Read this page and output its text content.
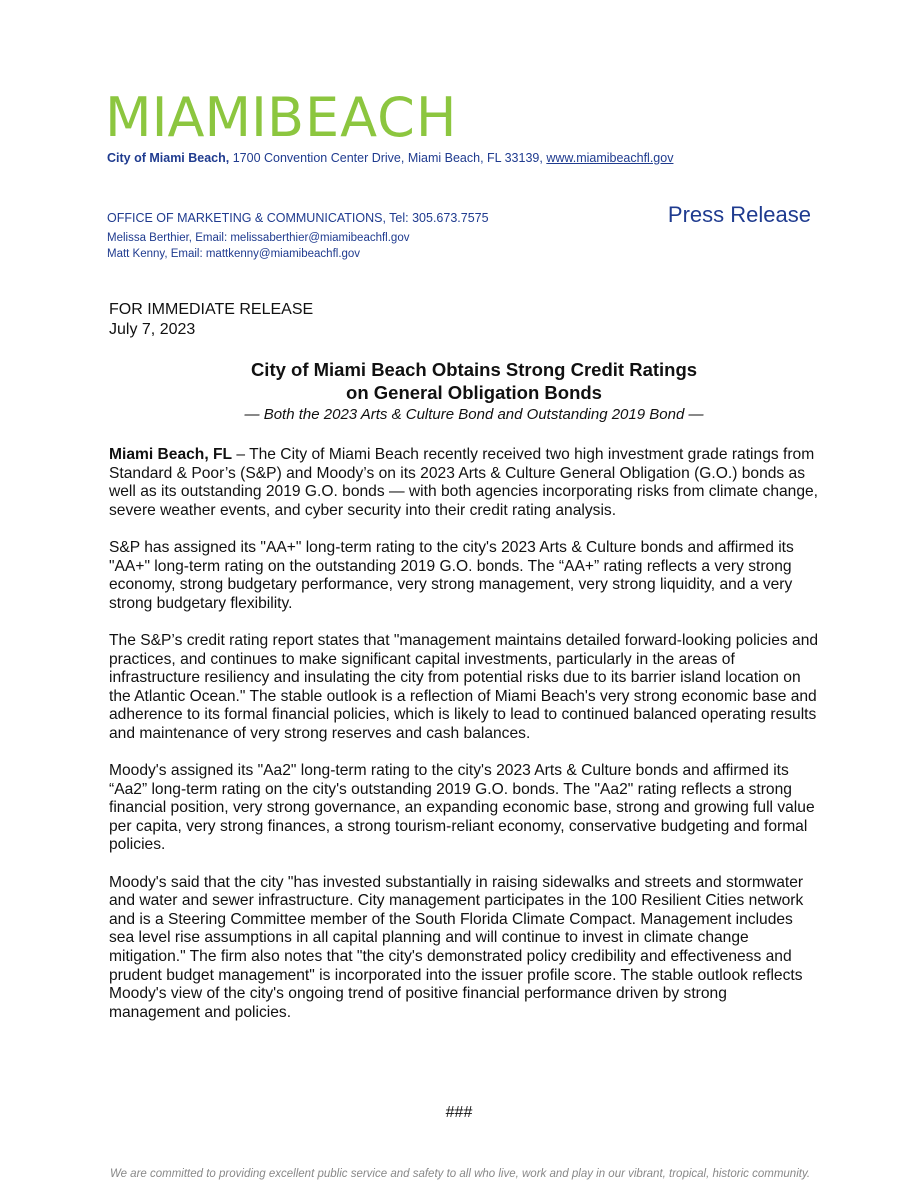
MIAMIBEACH
City of Miami Beach, 1700 Convention Center Drive, Miami Beach, FL 33139, www.miamibeachfl.gov
OFFICE OF MARKETING & COMMUNICATIONS, Tel: 305.673.7575
Melissa Berthier, Email: melissaberthier@miamibeachfl.gov
Matt Kenny, Email: mattkenny@miamibeachfl.gov
Press Release
FOR IMMEDIATE RELEASE
July 7, 2023
City of Miami Beach Obtains Strong Credit Ratings
on General Obligation Bonds
— Both the 2023 Arts & Culture Bond and Outstanding 2019 Bond —

Miami Beach, FL – The City of Miami Beach recently received two high investment grade ratings from Standard & Poor’s (S&P) and Moody’s on its 2023 Arts & Culture General Obligation (G.O.) bonds as well as its outstanding 2019 G.O. bonds — with both agencies incorporating risks from climate change, severe weather events, and cyber security into their credit rating analysis.

S&P has assigned its "AA+" long-term rating to the city's 2023 Arts & Culture bonds and affirmed its "AA+" long-term rating on the outstanding 2019 G.O. bonds. The “AA+” rating reflects a very strong economy, strong budgetary performance, very strong management, very strong liquidity, and a very strong budgetary flexibility.

The S&P’s credit rating report states that "management maintains detailed forward-looking policies and practices, and continues to make significant capital investments, particularly in the areas of infrastructure resiliency and insulating the city from potential risks due to its barrier island location on the Atlantic Ocean." The stable outlook is a reflection of Miami Beach's very strong economic base and adherence to its formal financial policies, which is likely to lead to continued balanced operating results and maintenance of very strong reserves and cash balances.

Moody's assigned its "Aa2" long-term rating to the city's 2023 Arts & Culture bonds and affirmed its “Aa2” long-term rating on the city's outstanding 2019 G.O. bonds. The "Aa2" rating reflects a strong financial position, very strong governance, an expanding economic base, strong and growing full value per capita, very strong finances, a strong tourism-reliant economy, conservative budgeting and formal policies.

Moody's said that the city "has invested substantially in raising sidewalks and streets and stormwater and water and sewer infrastructure. City management participates in the 100 Resilient Cities network and is a Steering Committee member of the South Florida Climate Compact. Management includes sea level rise assumptions in all capital planning and will continue to invest in climate change mitigation." The firm also notes that "the city's demonstrated policy credibility and effectiveness and prudent budget management" is incorporated into the issuer profile score. The stable outlook reflects Moody's view of the city's ongoing trend of positive financial performance driven by strong management and policies.

###
We are committed to providing excellent public service and safety to all who live, work and play in our vibrant, tropical, historic community.
